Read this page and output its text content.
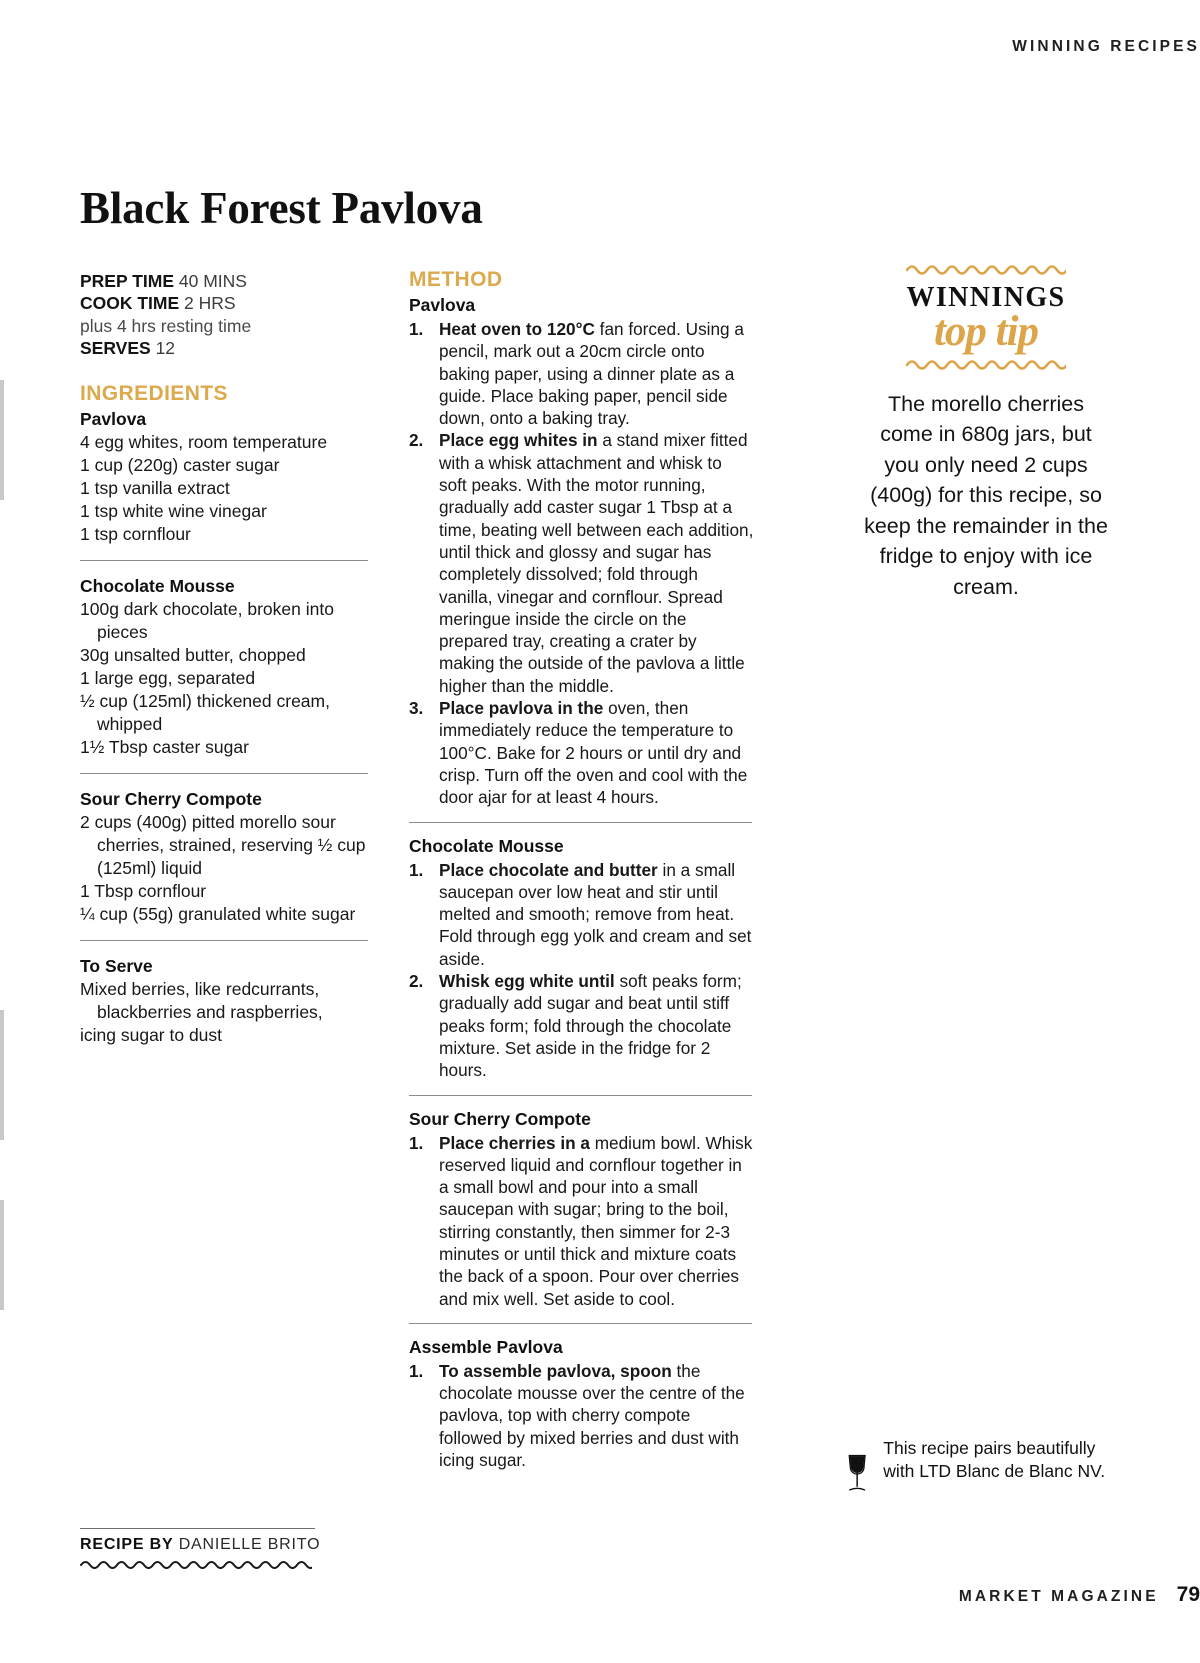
WINNING RECIPES
Black Forest Pavlova
PREP TIME 40 MINS
COOK TIME 2 HRS
plus 4 hrs resting time
SERVES 12
INGREDIENTS
Pavlova
4 egg whites, room temperature
1 cup (220g) caster sugar
1 tsp vanilla extract
1 tsp white wine vinegar
1 tsp cornflour
Chocolate Mousse
100g dark chocolate, broken into pieces
30g unsalted butter, chopped
1 large egg, separated
½ cup (125ml) thickened cream, whipped
1½ Tbsp caster sugar
Sour Cherry Compote
2 cups (400g) pitted morello sour cherries, strained, reserving ½ cup (125ml) liquid
1 Tbsp cornflour
¼ cup (55g) granulated white sugar
To Serve
Mixed berries, like redcurrants, blackberries and raspberries,
icing sugar to dust
METHOD
Pavlova
1. Heat oven to 120°C fan forced. Using a pencil, mark out a 20cm circle onto baking paper, using a dinner plate as a guide. Place baking paper, pencil side down, onto a baking tray.
2. Place egg whites in a stand mixer fitted with a whisk attachment and whisk to soft peaks. With the motor running, gradually add caster sugar 1 Tbsp at a time, beating well between each addition, until thick and glossy and sugar has completely dissolved; fold through vanilla, vinegar and cornflour. Spread meringue inside the circle on the prepared tray, creating a crater by making the outside of the pavlova a little higher than the middle.
3. Place pavlova in the oven, then immediately reduce the temperature to 100°C. Bake for 2 hours or until dry and crisp. Turn off the oven and cool with the door ajar for at least 4 hours.
Chocolate Mousse
1. Place chocolate and butter in a small saucepan over low heat and stir until melted and smooth; remove from heat. Fold through egg yolk and cream and set aside.
2. Whisk egg white until soft peaks form; gradually add sugar and beat until stiff peaks form; fold through the chocolate mixture. Set aside in the fridge for 2 hours.
Sour Cherry Compote
1. Place cherries in a medium bowl. Whisk reserved liquid and cornflour together in a small bowl and pour into a small saucepan with sugar; bring to the boil, stirring constantly, then simmer for 2-3 minutes or until thick and mixture coats the back of a spoon. Pour over cherries and mix well. Set aside to cool.
Assemble Pavlova
1. To assemble pavlova, spoon the chocolate mousse over the centre of the pavlova, top with cherry compote followed by mixed berries and dust with icing sugar.
WINNINGS
top tip
The morello cherries come in 680g jars, but you only need 2 cups (400g) for this recipe, so keep the remainder in the fridge to enjoy with ice cream.
This recipe pairs beautifully with LTD Blanc de Blanc NV.
RECIPE BY DANIELLE BRITO
MARKET MAGAZINE 79
